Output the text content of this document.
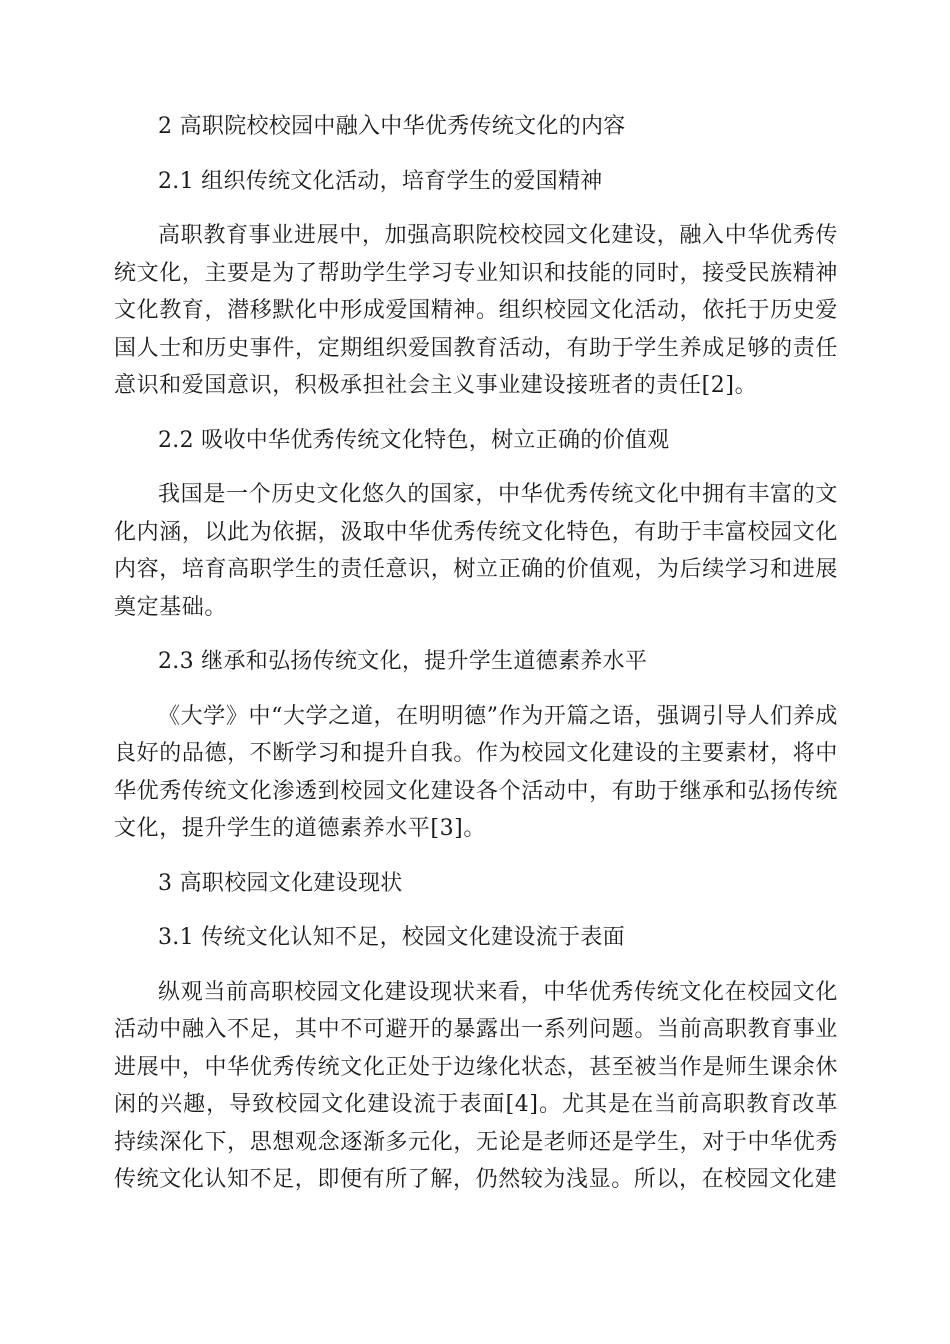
2 高职院校校园中融入中华优秀传统文化的内容

2.1 组织传统文化活动，培育学生的爱国精神

高职教育事业进展中，加强高职院校校园文化建设，融入中华优秀传统文化，主要是为了帮助学生学习专业知识和技能的同时，接受民族精神文化教育，潜移默化中形成爱国精神。组织校园文化活动，依托于历史爱国人士和历史事件，定期组织爱国教育活动，有助于学生养成足够的责任意识和爱国意识，积极承担社会主义事业建设接班者的责任[2]。

2.2 吸收中华优秀传统文化特色，树立正确的价值观

我国是一个历史文化悠久的国家，中华优秀传统文化中拥有丰富的文化内涵，以此为依据，汲取中华优秀传统文化特色，有助于丰富校园文化内容，培育高职学生的责任意识，树立正确的价值观，为后续学习和进展奠定基础。

2.3 继承和弘扬传统文化，提升学生道德素养水平

《大学》中“大学之道，在明明德”作为开篇之语，强调引导人们养成良好的品德，不断学习和提升自我。作为校园文化建设的主要素材，将中华优秀传统文化渗透到校园文化建设各个活动中，有助于继承和弘扬传统文化，提升学生的道德素养水平[3]。

3 高职校园文化建设现状

3.1 传统文化认知不足，校园文化建设流于表面

纵观当前高职校园文化建设现状来看，中华优秀传统文化在校园文化活动中融入不足，其中不可避开的暴露出一系列问题。当前高职教育事业进展中，中华优秀传统文化正处于边缘化状态，甚至被当作是师生课余休闲的兴趣，导致校园文化建设流于表面[4]。尤其是在当前高职教育改革持续深化下，思想观念逐渐多元化，无论是老师还是学生，对于中华优秀传统文化认知不足，即便有所了解，仍然较为浅显。所以，在校园文化建
